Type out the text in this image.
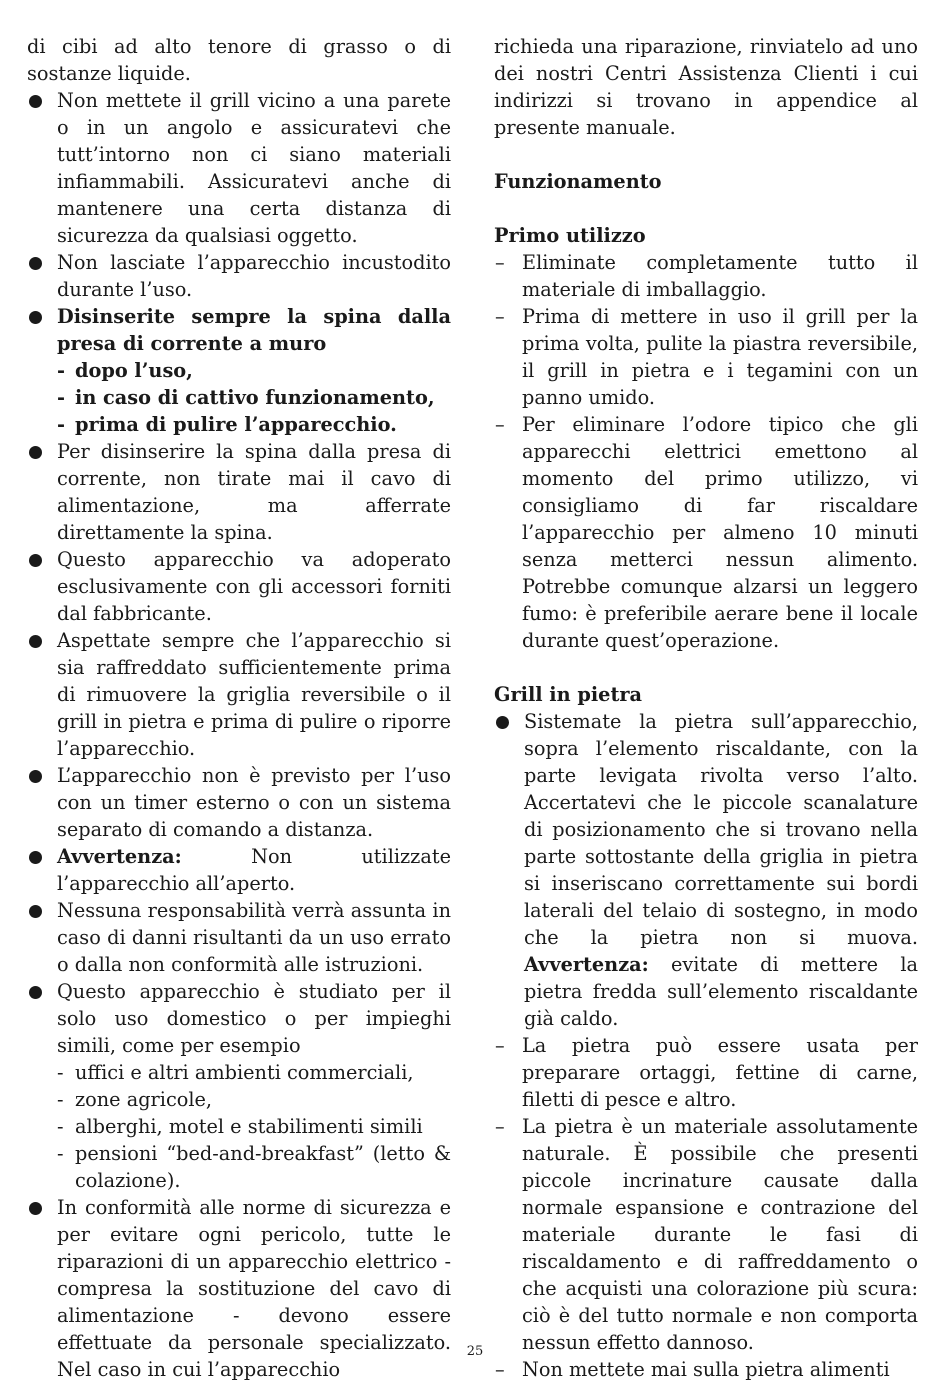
di cibi ad alto tenore di grasso o di sostanze liquide.

Non mettete il grill vicino a una parete o in un angolo e assicuratevi che tutt’intorno non ci siano materiali infiammabili. Assicuratevi anche di mantenere una certa distanza di sicurezza da qualsiasi oggetto.
Non lasciate l’apparecchio incustodito durante l’uso.
Disinserite sempre la spina dalla presa di corrente a muro
- dopo l’uso,
- in caso di cattivo funzionamento,
- prima di pulire l’apparecchio.
Per disinserire la spina dalla presa di corrente, non tirate mai il cavo di alimentazione, ma afferrate direttamente la spina.
Questo apparecchio va adoperato esclusivamente con gli accessori forniti dal fabbricante.
Aspettate sempre che l’apparecchio si sia raffreddato sufficientemente prima di rimuovere la griglia reversibile o il grill in pietra e prima di pulire o riporre l’apparecchio.
L’apparecchio non è previsto per l’uso con un timer esterno o con un sistema separato di comando a distanza.
Avvertenza: Non utilizzate l’apparecchio all’aperto.
Nessuna responsabilità verrà assunta in caso di danni risultanti da un uso errato o dalla non conformità alle istruzioni.
Questo apparecchio è studiato per il solo uso domestico o per impieghi simili, come per esempio
- uffici e altri ambienti commerciali,
- zone agricole,
- alberghi, motel e stabilimenti simili
- pensioni “bed-and-breakfast” (letto & colazione).
In conformità alle norme di sicurezza e per evitare ogni pericolo, tutte le riparazioni di un apparecchio elettrico - compresa la sostituzione del cavo di alimentazione - devono essere effettuate da personale specializzato. Nel caso in cui l’apparecchio

richieda una riparazione, rinviatelo ad uno dei nostri Centri Assistenza Clienti i cui indirizzi si trovano in appendice al presente manuale.

Funzionamento

Primo utilizzo

– Eliminate completamente tutto il materiale di imballaggio.
– Prima di mettere in uso il grill per la prima volta, pulite la piastra reversibile, il grill in pietra e i tegamini con un panno umido.
– Per eliminare l’odore tipico che gli apparecchi elettrici emettono al momento del primo utilizzo, vi consigliamo di far riscaldare l’apparecchio per almeno 10 minuti senza metterci nessun alimento. Potrebbe comunque alzarsi un leggero fumo: è preferibile aerare bene il locale durante quest’operazione.

Grill in pietra

Sistemate la pietra sull’apparecchio, sopra l’elemento riscaldante, con la parte levigata rivolta verso l’alto. Accertatevi che le piccole scanalature di posizionamento che si trovano nella parte sottostante della griglia in pietra si inseriscano correttamente sui bordi laterali del telaio di sostegno, in modo che la pietra non si muova. Avvertenza: evitate di mettere la pietra fredda sull’elemento riscaldante già caldo.
– La pietra può essere usata per preparare ortaggi, fettine di carne, filetti di pesce e altro.
– La pietra è un materiale assolutamente naturale. È possibile che presenti piccole incrinature causate dalla normale espansione e contrazione del materiale durante le fasi di riscaldamento e di raffreddamento o che acquisti una colorazione più scura: ciò è del tutto normale e non comporta nessun effetto dannoso.
– Non mettete mai sulla pietra alimenti
25
